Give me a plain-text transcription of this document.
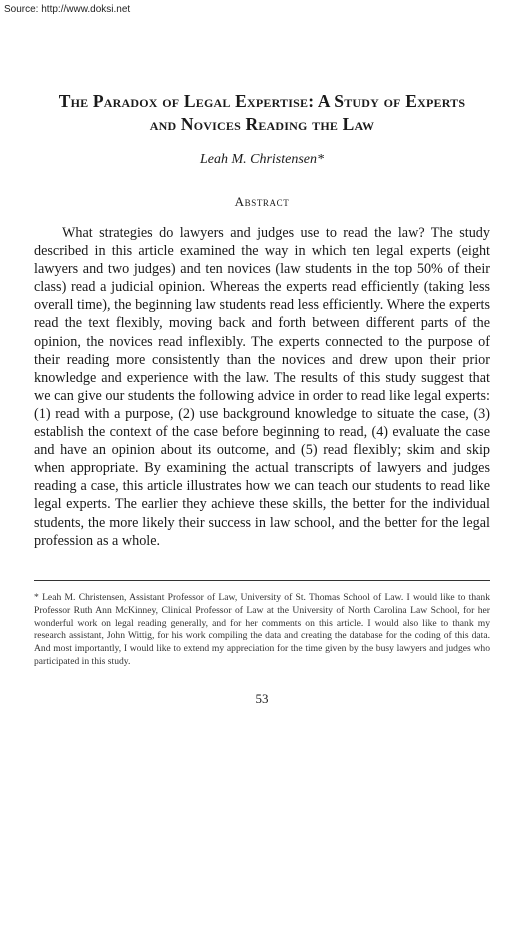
Source: http://www.doksi.net
The Paradox of Legal Expertise: A Study of Experts and Novices Reading the Law
Leah M. Christensen*
Abstract

What strategies do lawyers and judges use to read the law? The study described in this article examined the way in which ten legal experts (eight lawyers and two judges) and ten novices (law students in the top 50% of their class) read a judicial opinion. Whereas the experts read efficiently (taking less overall time), the beginning law students read less efficiently. Where the experts read the text flexibly, moving back and forth between different parts of the opinion, the novices read inflexibly. The experts connected to the purpose of their reading more consistently than the novices and drew upon their prior knowledge and experience with the law. The results of this study suggest that we can give our students the following advice in order to read like legal experts: (1) read with a purpose, (2) use background knowledge to situate the case, (3) establish the context of the case before beginning to read, (4) evaluate the case and have an opinion about its outcome, and (5) read flexibly; skim and skip when appropriate. By examining the actual transcripts of lawyers and judges reading a case, this article illustrates how we can teach our students to read like legal experts. The earlier they achieve these skills, the better for the individual students, the more likely their success in law school, and the better for the legal profession as a whole.

* Leah M. Christensen, Assistant Professor of Law, University of St. Thomas School of Law. I would like to thank Professor Ruth Ann McKinney, Clinical Professor of Law at the University of North Carolina Law School, for her wonderful work on legal reading generally, and for her comments on this article. I would also like to thank my research assistant, John Wittig, for his work compiling the data and creating the database for the coding of this data. And most importantly, I would like to extend my appreciation for the time given by the busy lawyers and judges who participated in this study.
53
